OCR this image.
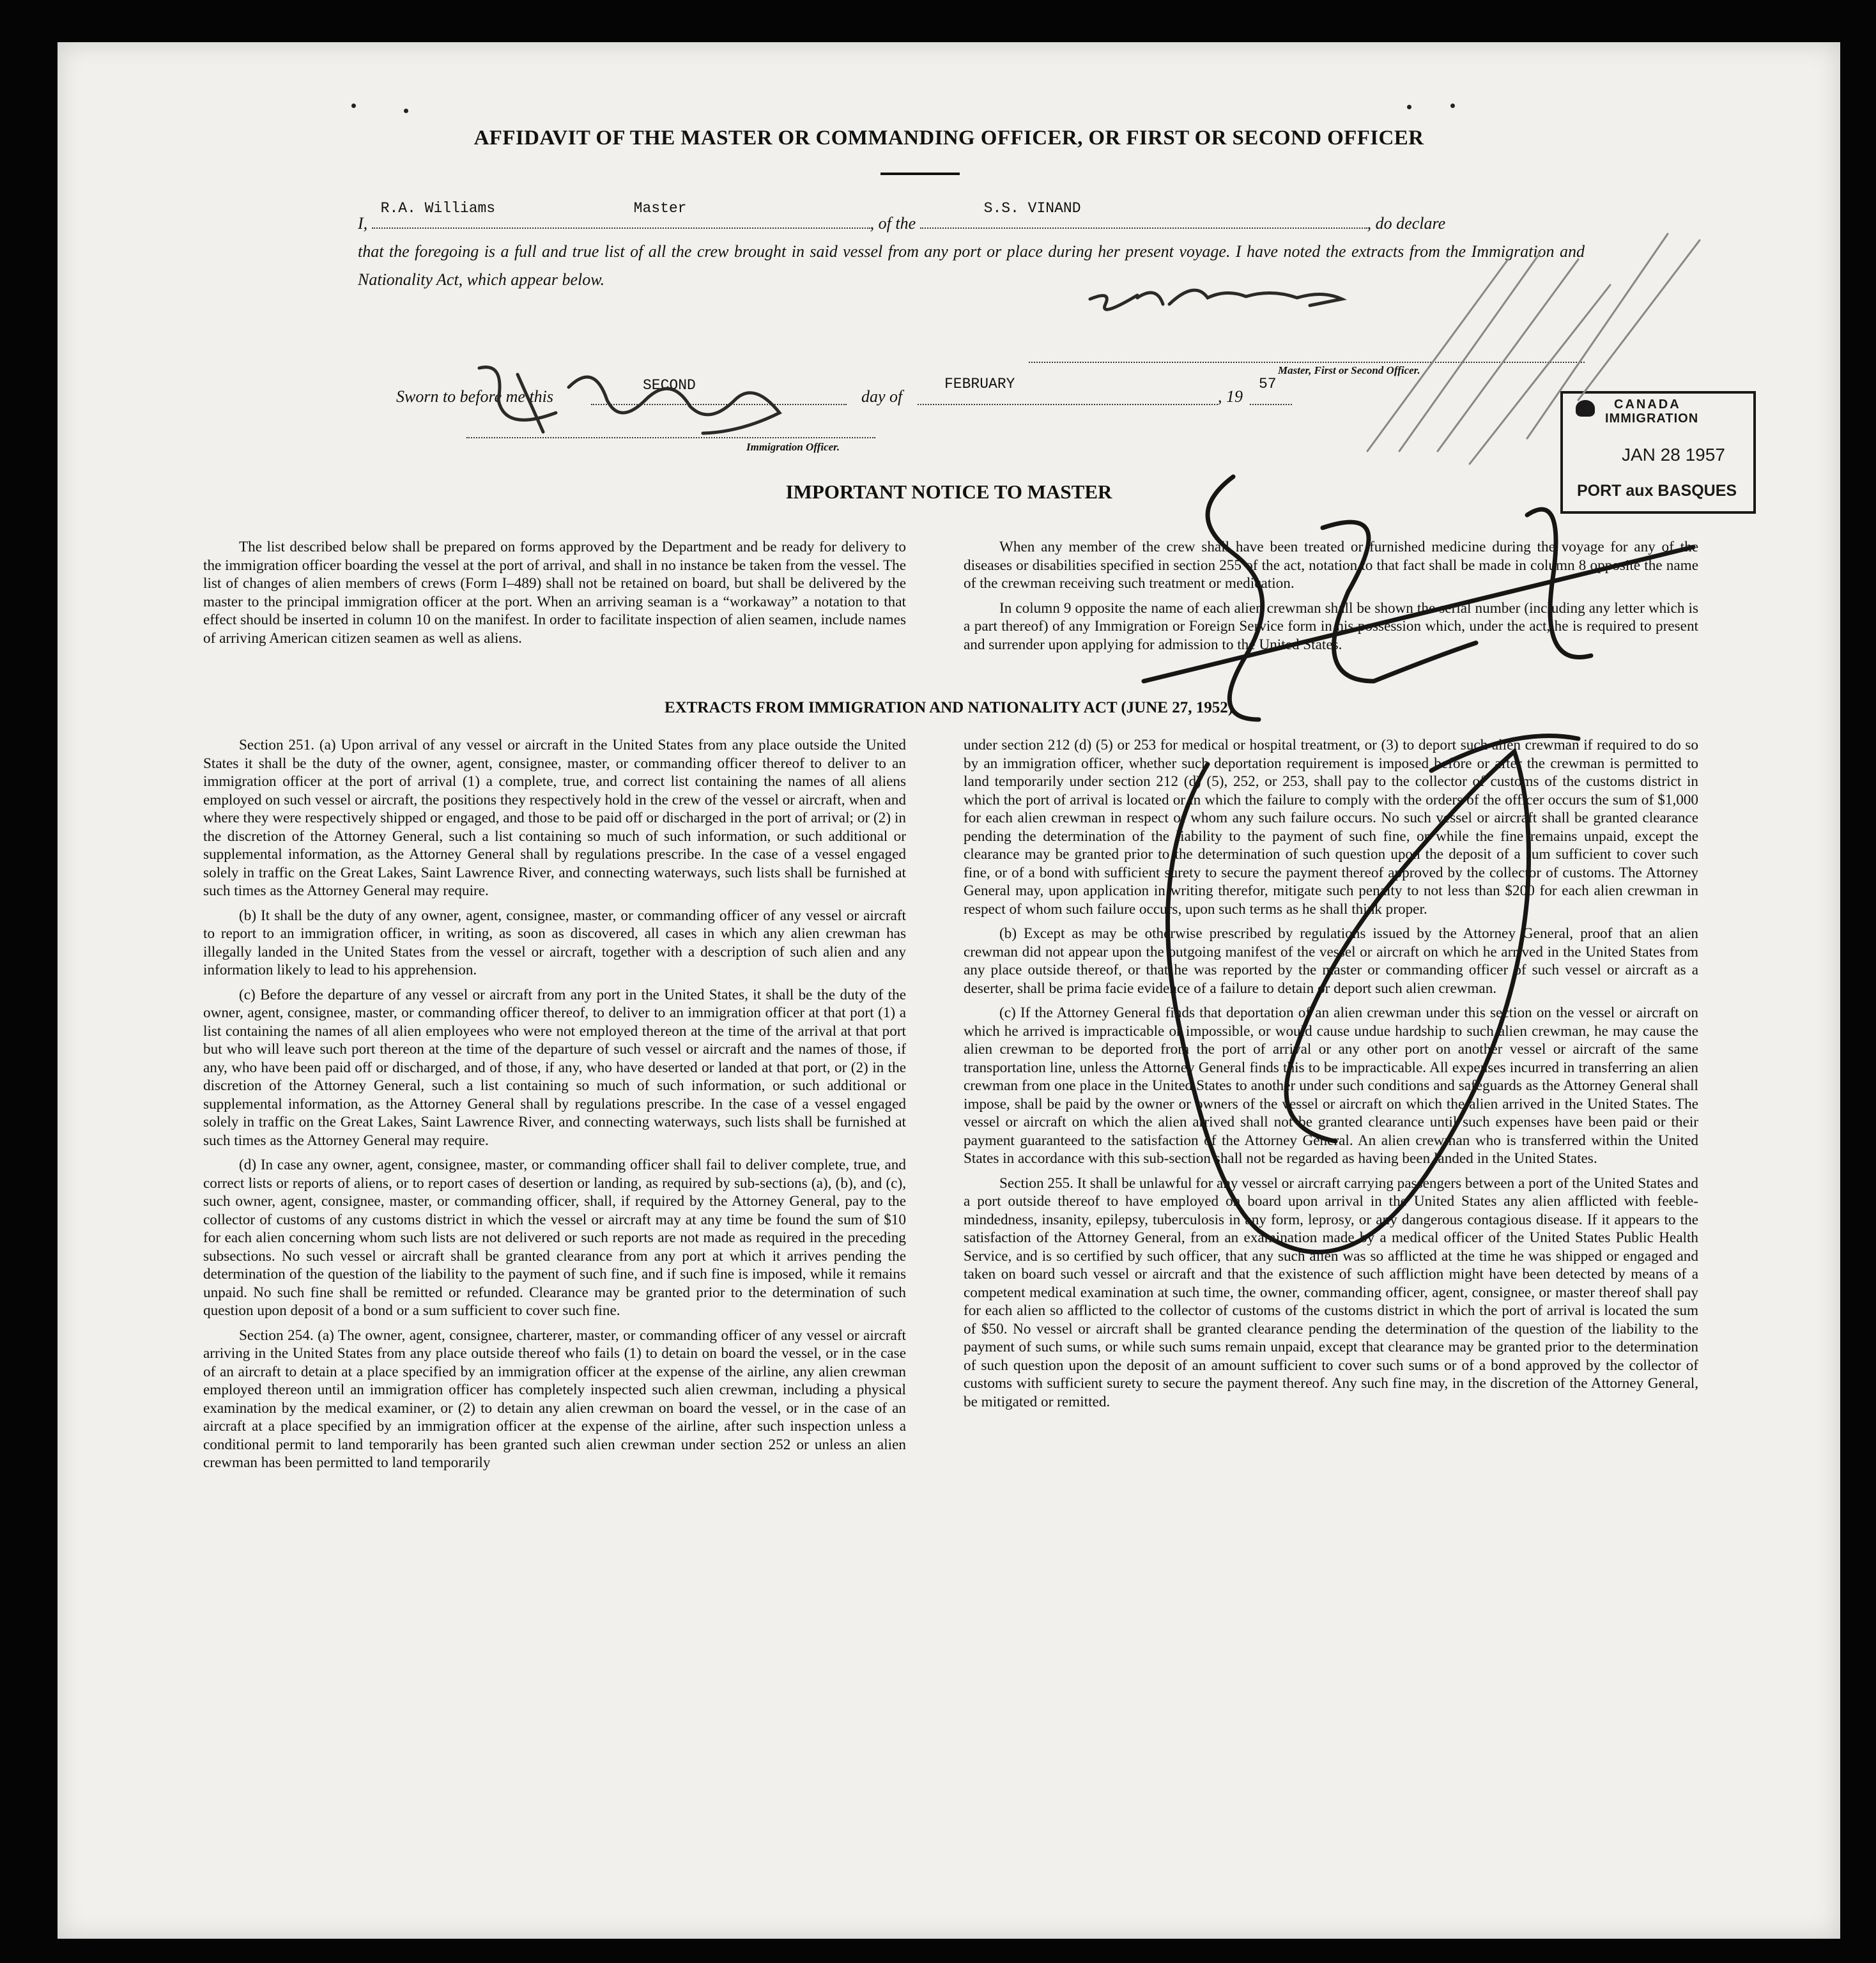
AFFIDAVIT OF THE MASTER OR COMMANDING OFFICER, OR FIRST OR SECOND OFFICER
I,
R.A. Williams	Master
, of the
S.S. VINAND
, do declare
that the foregoing is a full and true list of all the crew brought in said vessel from any port or place during her present voyage. I have noted the extracts from the Immigration and Nationality Act, which appear below.
Master, First or Second Officer.
Sworn to before me this
SECOND
day of
FEBRUARY
, 19
57
Immigration Officer.
IMPORTANT NOTICE TO MASTER

The list described below shall be prepared on forms approved by the Department and be ready for delivery to the immigration officer boarding the vessel at the port of arrival, and shall in no instance be taken from the vessel. The list of changes of alien members of crews (Form I–489) shall not be retained on board, but shall be delivered by the master to the principal immigration officer at the port. When an arriving seaman is a “workaway” a notation to that effect should be inserted in column 10 on the manifest. In order to facilitate inspection of alien seamen, include names of arriving American citizen seamen as well as aliens.

When any member of the crew shall have been treated or furnished medicine during the voyage for any of the diseases or disabilities specified in section 255 of the act, notation to that fact shall be made in column 8 opposite the name of the crewman receiving such treatment or medication.

In column 9 opposite the name of each alien crewman shall be shown the serial number (including any letter which is a part thereof) of any Immigration or Foreign Service form in his possession which, under the act, he is required to present and surrender upon applying for admission to the United States.

EXTRACTS FROM IMMIGRATION AND NATIONALITY ACT (JUNE 27, 1952)

Section 251. (a) Upon arrival of any vessel or aircraft in the United States from any place outside the United States it shall be the duty of the owner, agent, consignee, master, or commanding officer thereof to deliver to an immigration officer at the port of arrival (1) a complete, true, and correct list containing the names of all aliens employed on such vessel or aircraft, the positions they respectively hold in the crew of the vessel or aircraft, when and where they were respectively shipped or engaged, and those to be paid off or discharged in the port of arrival; or (2) in the discretion of the Attorney General, such a list containing so much of such information, or such additional or supplemental information, as the Attorney General shall by regulations prescribe. In the case of a vessel engaged solely in traffic on the Great Lakes, Saint Lawrence River, and connecting waterways, such lists shall be furnished at such times as the Attorney General may require.

(b) It shall be the duty of any owner, agent, consignee, master, or commanding officer of any vessel or aircraft to report to an immigration officer, in writing, as soon as discovered, all cases in which any alien crewman has illegally landed in the United States from the vessel or aircraft, together with a description of such alien and any information likely to lead to his apprehension.

(c) Before the departure of any vessel or aircraft from any port in the United States, it shall be the duty of the owner, agent, consignee, master, or commanding officer thereof, to deliver to an immigration officer at that port (1) a list containing the names of all alien employees who were not employed thereon at the time of the arrival at that port but who will leave such port thereon at the time of the departure of such vessel or aircraft and the names of those, if any, who have been paid off or discharged, and of those, if any, who have deserted or landed at that port, or (2) in the discretion of the Attorney General, such a list containing so much of such information, or such additional or supplemental information, as the Attorney General shall by regulations prescribe. In the case of a vessel engaged solely in traffic on the Great Lakes, Saint Lawrence River, and connecting waterways, such lists shall be furnished at such times as the Attorney General may require.

(d) In case any owner, agent, consignee, master, or commanding officer shall fail to deliver complete, true, and correct lists or reports of aliens, or to report cases of desertion or landing, as required by sub-sections (a), (b), and (c), such owner, agent, consignee, master, or commanding officer, shall, if required by the Attorney General, pay to the collector of customs of any customs district in which the vessel or aircraft may at any time be found the sum of $10 for each alien concerning whom such lists are not delivered or such reports are not made as required in the preceding subsections. No such vessel or aircraft shall be granted clearance from any port at which it arrives pending the determination of the question of the liability to the payment of such fine, and if such fine is imposed, while it remains unpaid. No such fine shall be remitted or refunded. Clearance may be granted prior to the determination of such question upon deposit of a bond or a sum sufficient to cover such fine.

Section 254. (a) The owner, agent, consignee, charterer, master, or commanding officer of any vessel or aircraft arriving in the United States from any place outside thereof who fails (1) to detain on board the vessel, or in the case of an aircraft to detain at a place specified by an immigration officer at the expense of the airline, any alien crewman employed thereon until an immigration officer has completely inspected such alien crewman, including a physical examination by the medical examiner, or (2) to detain any alien crewman on board the vessel, or in the case of an aircraft at a place specified by an immigration officer at the expense of the airline, after such inspection unless a conditional permit to land temporarily has been granted such alien crewman under section 252 or unless an alien crewman has been permitted to land temporarily

under section 212 (d) (5) or 253 for medical or hospital treatment, or (3) to deport such alien crewman if required to do so by an immigration officer, whether such deportation requirement is imposed before or after the crewman is permitted to land temporarily under section 212 (d) (5), 252, or 253, shall pay to the collector of customs of the customs district in which the port of arrival is located or in which the failure to comply with the orders of the officer occurs the sum of $1,000 for each alien crewman in respect of whom any such failure occurs. No such vessel or aircraft shall be granted clearance pending the determination of the liability to the payment of such fine, or while the fine remains unpaid, except the clearance may be granted prior to the determination of such question upon the deposit of a sum sufficient to cover such fine, or of a bond with sufficient surety to secure the payment thereof approved by the collector of customs. The Attorney General may, upon application in writing therefor, mitigate such penalty to not less than $200 for each alien crewman in respect of whom such failure occurs, upon such terms as he shall think proper.

(b) Except as may be otherwise prescribed by regulations issued by the Attorney General, proof that an alien crewman did not appear upon the outgoing manifest of the vessel or aircraft on which he arrived in the United States from any place outside thereof, or that he was reported by the master or commanding officer of such vessel or aircraft as a deserter, shall be prima facie evidence of a failure to detain or deport such alien crewman.

(c) If the Attorney General finds that deportation of an alien crewman under this section on the vessel or aircraft on which he arrived is impracticable or impossible, or would cause undue hardship to such alien crewman, he may cause the alien crewman to be deported from the port of arrival or any other port on another vessel or aircraft of the same transportation line, unless the Attorney General finds this to be impracticable. All expenses incurred in transferring an alien crewman from one place in the United States to another under such conditions and safeguards as the Attorney General shall impose, shall be paid by the owner or owners of the vessel or aircraft on which the alien arrived in the United States. The vessel or aircraft on which the alien arrived shall not be granted clearance until such expenses have been paid or their payment guaranteed to the satisfaction of the Attorney General. An alien crewman who is transferred within the United States in accordance with this sub-section shall not be regarded as having been landed in the United States.

Section 255. It shall be unlawful for any vessel or aircraft carrying passengers between a port of the United States and a port outside thereof to have employed on board upon arrival in the United States any alien afflicted with feeble-mindedness, insanity, epilepsy, tuberculosis in any form, leprosy, or any dangerous contagious disease. If it appears to the satisfaction of the Attorney General, from an examination made by a medical officer of the United States Public Health Service, and is so certified by such officer, that any such alien was so afflicted at the time he was shipped or engaged and taken on board such vessel or aircraft and that the existence of such affliction might have been detected by means of a competent medical examination at such time, the owner, commanding officer, agent, consignee, or master thereof shall pay for each alien so afflicted to the collector of customs of the customs district in which the port of arrival is located the sum of $50. No vessel or aircraft shall be granted clearance pending the determination of the question of the liability to the payment of such sums, or while such sums remain unpaid, except that clearance may be granted prior to the determination of such question upon the deposit of an amount sufficient to cover such sums or of a bond approved by the collector of customs with sufficient surety to secure the payment thereof. Any such fine may, in the discretion of the Attorney General, be mitigated or remitted.

CANADA
IMMIGRATION
JAN 28 1957
PORT aux BASQUES
